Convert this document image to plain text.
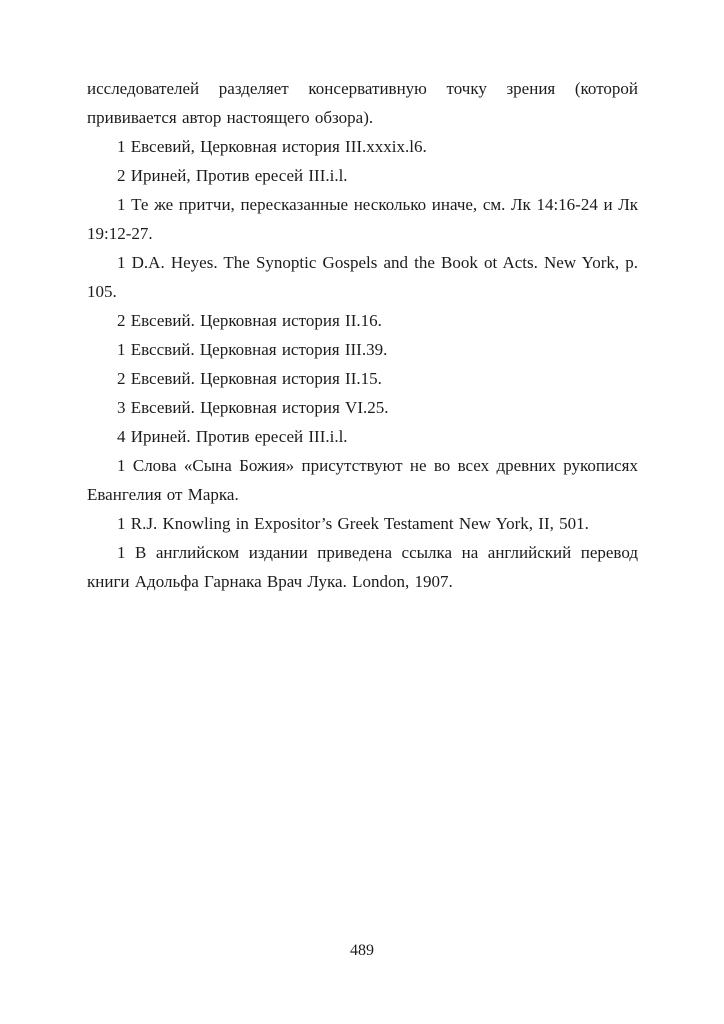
исследователей разделяет консервативную точку зрения (которой прививается автор настоящего обзора).

1 Евсевий, Церковная история III.xxxix.l6.

2 Ириней, Против ересей III.i.l.

1 Те же притчи, пересказанные несколько иначе, см. Лк 14:16-24 и Лк 19:12-27.

1 D.A. Heyes. The Synoptic Gospels and the Book ot Acts. New York, p. 105.

2 Евсевий. Церковная история II.16.

1 Евссвий. Церковная история III.39.

2 Евсевий. Церковная история II.15.

3 Евсевий. Церковная история VI.25.

4 Ириней. Против ересей III.i.l.

1 Слова «Сына Божия» присутствуют не во всех древних рукописях Евангелия от Марка.

1 R.J. Knowling in Expositor’s Greek Testament New York, II, 501.

1 В английском издании приведена ссылка на английский перевод книги Адольфа Гарнака Врач Лука. London, 1907.

489
